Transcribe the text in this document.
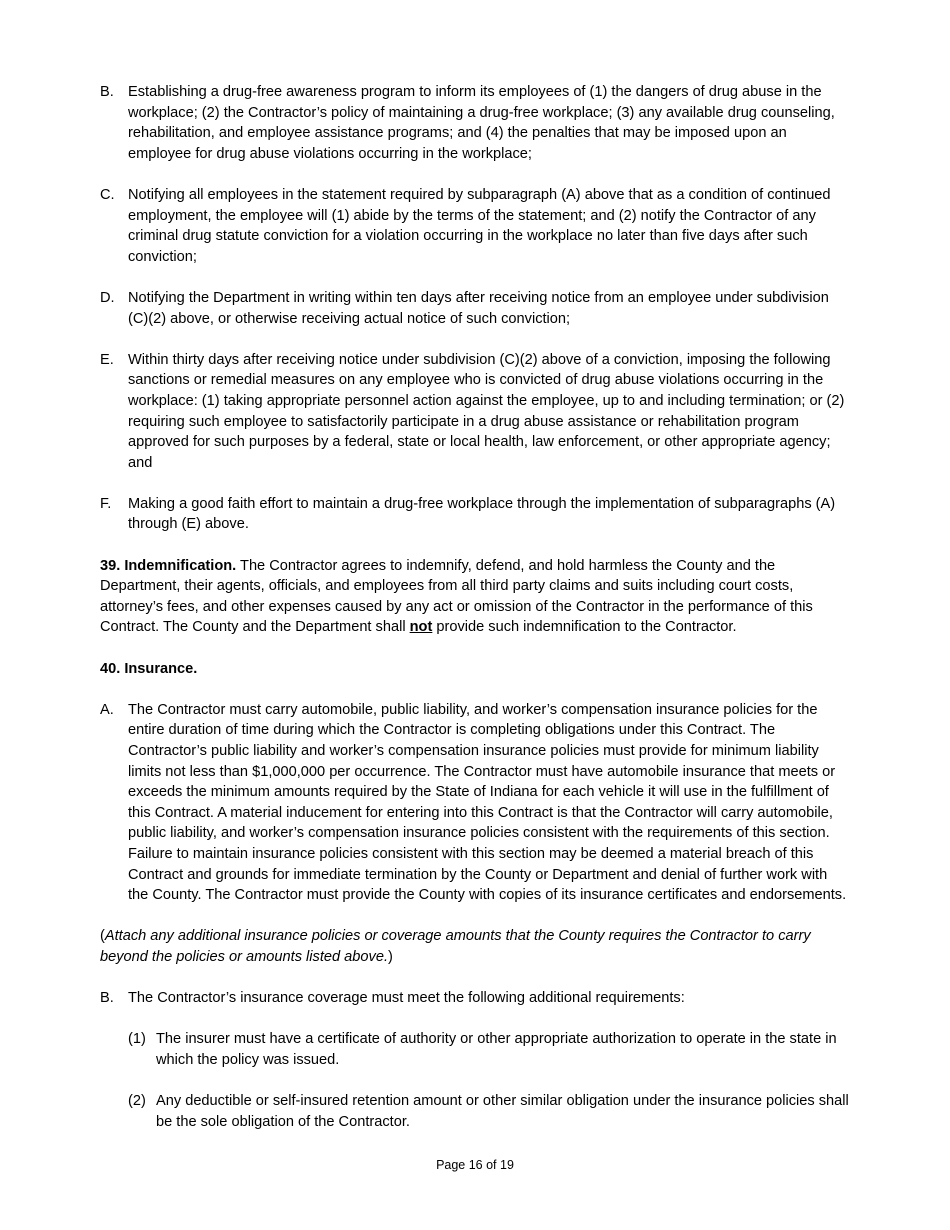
B. Establishing a drug-free awareness program to inform its employees of (1) the dangers of drug abuse in the workplace; (2) the Contractor’s policy of maintaining a drug-free workplace; (3) any available drug counseling, rehabilitation, and employee assistance programs; and (4) the penalties that may be imposed upon an employee for drug abuse violations occurring in the workplace;
C. Notifying all employees in the statement required by subparagraph (A) above that as a condition of continued employment, the employee will (1) abide by the terms of the statement; and (2) notify the Contractor of any criminal drug statute conviction for a violation occurring in the workplace no later than five days after such conviction;
D. Notifying the Department in writing within ten days after receiving notice from an employee under subdivision (C)(2) above, or otherwise receiving actual notice of such conviction;
E. Within thirty days after receiving notice under subdivision (C)(2) above of a conviction, imposing the following sanctions or remedial measures on any employee who is convicted of drug abuse violations occurring in the workplace: (1) taking appropriate personnel action against the employee, up to and including termination; or (2) requiring such employee to satisfactorily participate in a drug abuse assistance or rehabilitation program approved for such purposes by a federal, state or local health, law enforcement, or other appropriate agency; and
F. Making a good faith effort to maintain a drug-free workplace through the implementation of subparagraphs (A) through (E) above.
39. Indemnification. The Contractor agrees to indemnify, defend, and hold harmless the County and the Department, their agents, officials, and employees from all third party claims and suits including court costs, attorney’s fees, and other expenses caused by any act or omission of the Contractor in the performance of this Contract. The County and the Department shall not provide such indemnification to the Contractor.
40. Insurance.
A. The Contractor must carry automobile, public liability, and worker’s compensation insurance policies for the entire duration of time during which the Contractor is completing obligations under this Contract. The Contractor’s public liability and worker’s compensation insurance policies must provide for minimum liability limits not less than $1,000,000 per occurrence. The Contractor must have automobile insurance that meets or exceeds the minimum amounts required by the State of Indiana for each vehicle it will use in the fulfillment of this Contract. A material inducement for entering into this Contract is that the Contractor will carry automobile, public liability, and worker’s compensation insurance policies consistent with the requirements of this section. Failure to maintain insurance policies consistent with this section may be deemed a material breach of this Contract and grounds for immediate termination by the County or Department and denial of further work with the County. The Contractor must provide the County with copies of its insurance certificates and endorsements.
(Attach any additional insurance policies or coverage amounts that the County requires the Contractor to carry beyond the policies or amounts listed above.)
B. The Contractor’s insurance coverage must meet the following additional requirements:
(1) The insurer must have a certificate of authority or other appropriate authorization to operate in the state in which the policy was issued.
(2) Any deductible or self-insured retention amount or other similar obligation under the insurance policies shall be the sole obligation of the Contractor.
Page 16 of 19
